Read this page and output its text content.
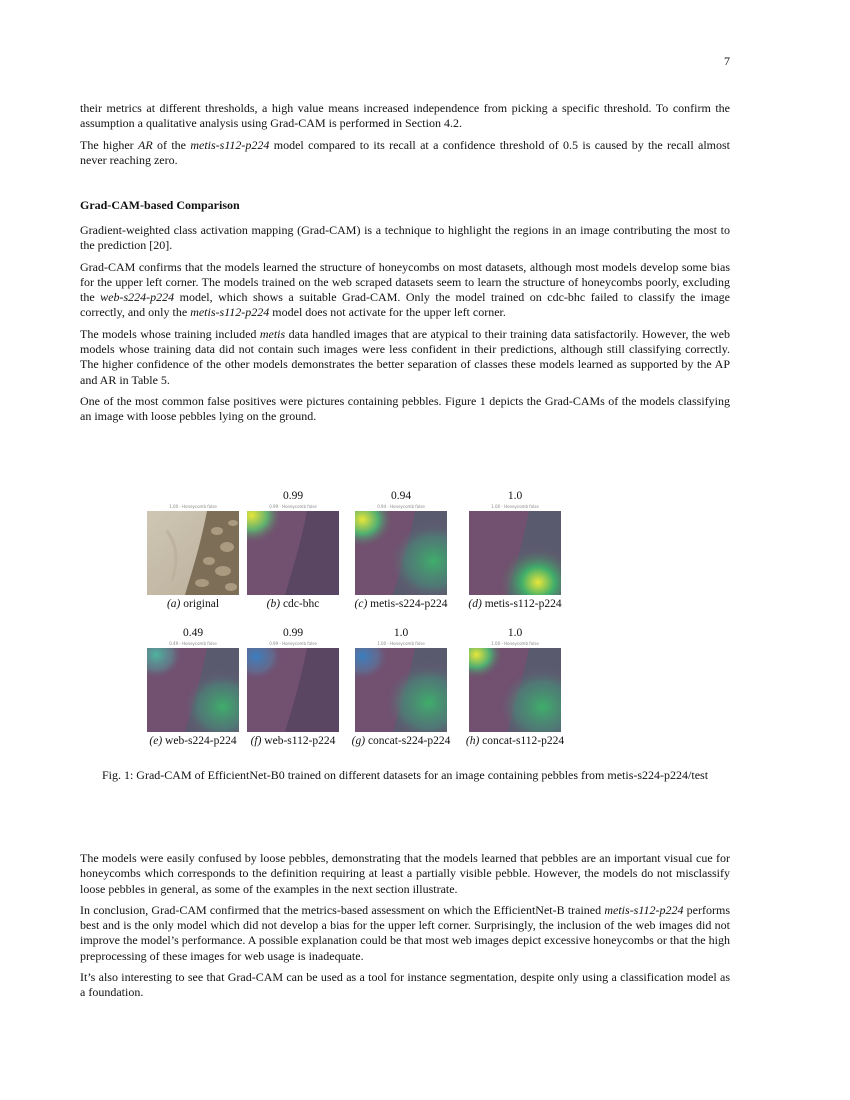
7

their metrics at different thresholds, a high value means increased independence from picking a specific threshold. To confirm the assumption a qualitative analysis using Grad-CAM is performed in Section 4.2.

The higher AR of the metis-s112-p224 model compared to its recall at a confidence threshold of 0.5 is caused by the recall almost never reaching zero.

Grad-CAM-based Comparison

Gradient-weighted class activation mapping (Grad-CAM) is a technique to highlight the regions in an image contributing the most to the prediction [20].

Grad-CAM confirms that the models learned the structure of honeycombs on most datasets, although most models develop some bias for the upper left corner. The models trained on the web scraped datasets seem to learn the structure of honeycombs poorly, excluding the web-s224-p224 model, which shows a suitable Grad-CAM. Only the model trained on cdc-bhc failed to classify the image correctly, and only the metis-s112-p224 model does not activate for the upper left corner.

The models whose training included metis data handled images that are atypical to their training data satisfactorily. However, the web models whose training data did not contain such images were less confident in their predictions, although still classifying correctly. The higher confidence of the other models demonstrates the better separation of classes these models learned as supported by the AP and AR in Table 5.

One of the most common false positives were pictures containing pebbles. Figure 1 depicts the Grad-CAMs of the models classifying an image with loose pebbles lying on the ground.

1.00 - Honeycomb false
(a) original
0.99
0.99 - Honeycomb false
(b) cdc-bhc
0.94
0.94 - Honeycomb false
(c) metis-s224-p224
1.0
1.00 - Honeycomb false
(d) metis-s112-p224
0.49
0.49 - Honeycomb false
(e) web-s224-p224
0.99
0.99 - Honeycomb false
(f) web-s112-p224
1.0
1.00 - Honeycomb false
(g) concat-s224-p224
1.0
1.00 - Honeycomb false
(h) concat-s112-p224
Fig. 1: Grad-CAM of EfficientNet-B0 trained on different datasets for an image containing pebbles from metis-s224-p224/test

The models were easily confused by loose pebbles, demonstrating that the models learned that pebbles are an important visual cue for honeycombs which corresponds to the definition requiring at least a partially visible pebble. However, the models do not misclassify loose pebbles in general, as some of the examples in the next section illustrate.

In conclusion, Grad-CAM confirmed that the metrics-based assessment on which the EfficientNet-B trained metis-s112-p224 performs best and is the only model which did not develop a bias for the upper left corner. Surprisingly, the inclusion of the web images did not improve the model’s performance. A possible explanation could be that most web images depict excessive honeycombs or that the high preprocessing of these images for web usage is inadequate.

It’s also interesting to see that Grad-CAM can be used as a tool for instance segmentation, despite only using a classification model as a foundation.
